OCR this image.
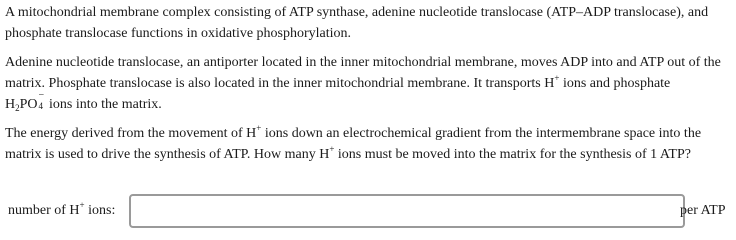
A mitochondrial membrane complex consisting of ATP synthase, adenine nucleotide translocase (ATP–ADP translocase), and phosphate translocase functions in oxidative phosphorylation.

Adenine nucleotide translocase, an antiporter located in the inner mitochondrial membrane, moves ADP into and ATP out of the matrix. Phosphate translocase is also located in the inner mitochondrial membrane. It transports H+ ions and phosphate
$H_2PO$
−
4 ions into the matrix.

The energy derived from the movement of H+ ions down an electrochemical gradient from the intermembrane space into the matrix is used to drive the synthesis of ATP. How many H+ ions must be moved into the matrix for the synthesis of 1 ATP?

number of H+ ions:	per ATP
